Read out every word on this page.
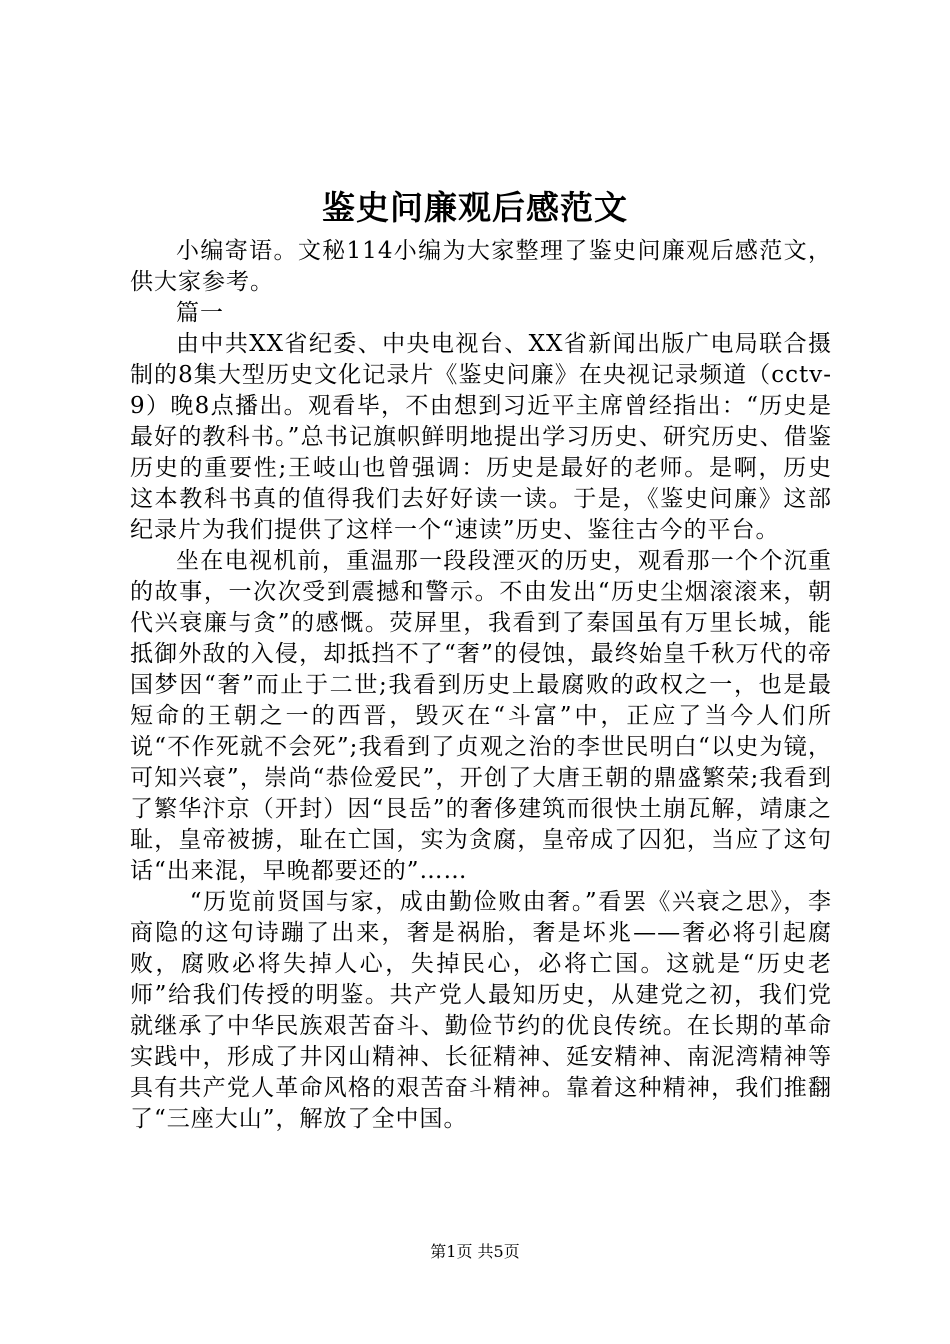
鉴史问廉观后感范文

小编寄语。文秘114小编为大家整理了鉴史问廉观后感范文，供大家参考。

篇一

由中共XX省纪委、中央电视台、XX省新闻出版广电局联合摄制的8集大型历史文化记录片《鉴史问廉》在央视记录频道（cctv-9）晚8点播出。观看毕，不由想到习近平主席曾经指出：“历史是最好的教科书。”总书记旗帜鲜明地提出学习历史、研究历史、借鉴历史的重要性;王岐山也曾强调：历史是最好的老师。是啊，历史这本教科书真的值得我们去好好读一读。于是，《鉴史问廉》这部纪录片为我们提供了这样一个“速读”历史、鉴往古今的平台。

坐在电视机前，重温那一段段湮灭的历史，观看那一个个沉重的故事，一次次受到震撼和警示。不由发出“历史尘烟滚滚来，朝代兴衰廉与贪”的感慨。荧屏里，我看到了秦国虽有万里长城，能抵御外敌的入侵，却抵挡不了“奢”的侵蚀，最终始皇千秋万代的帝国梦因“奢”而止于二世;我看到历史上最腐败的政权之一，也是最短命的王朝之一的西晋，毁灭在“斗富”中，正应了当今人们所说“不作死就不会死”;我看到了贞观之治的李世民明白“以史为镜，可知兴衰”，崇尚“恭俭爱民”，开创了大唐王朝的鼎盛繁荣;我看到了繁华汴京（开封）因“艮岳”的奢侈建筑而很快土崩瓦解，靖康之耻，皇帝被掳，耻在亡国，实为贪腐，皇帝成了囚犯，当应了这句话“出来混，早晚都要还的”……

“历览前贤国与家，成由勤俭败由奢。”看罢《兴衰之思》，李商隐的这句诗蹦了出来，奢是祸胎，奢是坏兆——奢必将引起腐败，腐败必将失掉人心，失掉民心，必将亡国。这就是“历史老师”给我们传授的明鉴。共产党人最知历史，从建党之初，我们党就继承了中华民族艰苦奋斗、勤俭节约的优良传统。在长期的革命实践中，形成了井冈山精神、长征精神、延安精神、南泥湾精神等具有共产党人革命风格的艰苦奋斗精神。靠着这种精神，我们推翻了“三座大山”，解放了全中国。

第1页 共5页
